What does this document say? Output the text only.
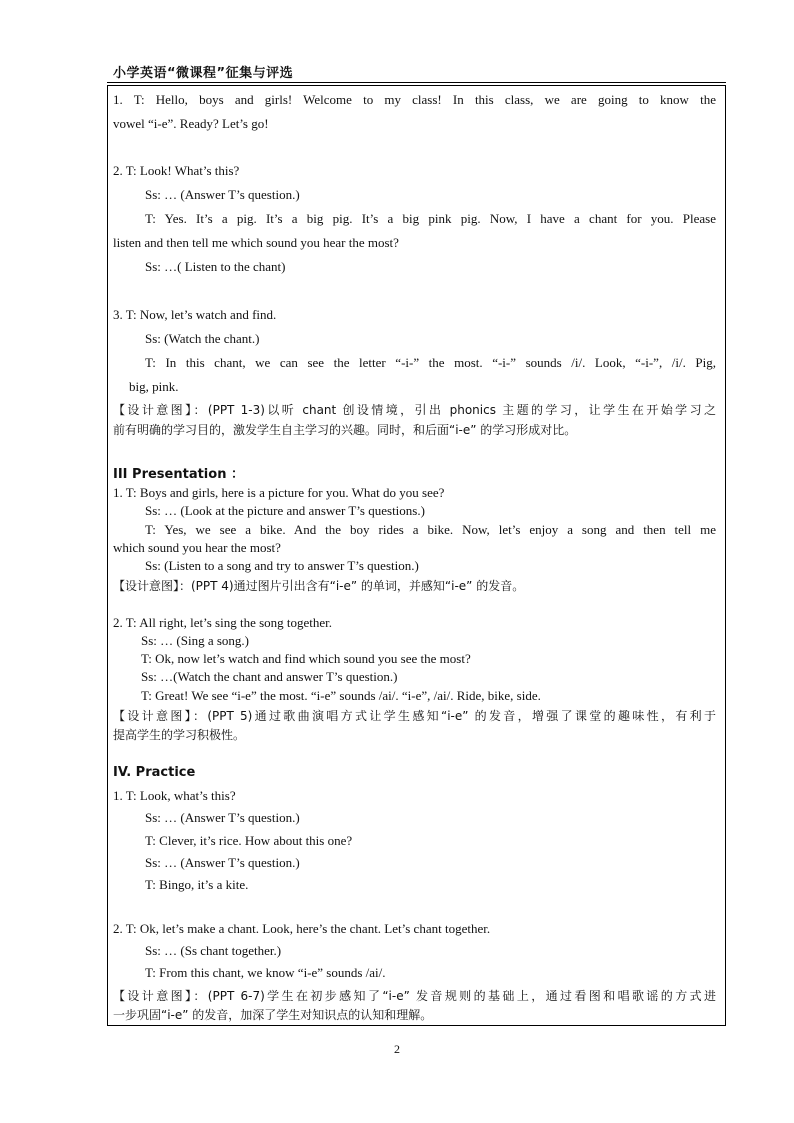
小学英语“微课程”征集与评选
1. T: Hello, boys and girls! Welcome to my class! In this class, we are going to know the
vowel “i-e”. Ready? Let’s go!
2. T: Look! What’s this?
Ss: … (Answer T’s question.)
T: Yes. It’s a pig. It’s a big pig. It’s a big pink pig. Now, I have a chant for you. Please
listen and then tell me which sound you hear the most?
Ss: …( Listen to the chant)
3. T: Now, let’s watch and find.
Ss: (Watch the chant.)
T: In this chant, we can see the letter “-i-” the most. “-i-” sounds /i/. Look, “-i-”, /i/. Pig,
big, pink.
【设计意图】：(PPT 1-3)以听 chant 创设情境，引出 phonics 主题的学习，让学生在开始学习之
前有明确的学习目的，激发学生自主学习的兴趣。同时，和后面“i-e” 的学习形成对比。
ⅠⅠⅠ Presentation ：
1. T: Boys and girls, here is a picture for you. What do you see?
Ss: … (Look at the picture and answer T’s questions.)
T: Yes, we see a bike. And the boy rides a bike. Now, let’s enjoy a song and then tell me
which sound you hear the most?
Ss: (Listen to a song and try to answer T’s question.)
【设计意图】：(PPT 4)通过图片引出含有“i-e” 的单词，并感知“i-e” 的发音。
2. T: All right, let’s sing the song together.
Ss: … (Sing a song.)
T: Ok, now let’s watch and find which sound you see the most?
Ss: …(Watch the chant and answer T’s question.)
T: Great! We see “i-e” the most. “i-e” sounds /ai/. “i-e”, /ai/. Ride, bike, side.
【设计意图】：(PPT 5)通过歌曲演唱方式让学生感知“i-e” 的发音，增强了课堂的趣味性，有利于
提高学生的学习积极性。
IV. Practice
1. T: Look, what’s this?
Ss: … (Answer T’s question.)
T: Clever, it’s rice. How about this one?
Ss: … (Answer T’s question.)
T: Bingo, it’s a kite.
2. T: Ok, let’s make a chant. Look, here’s the chant. Let’s chant together.
Ss: … (Ss chant together.)
T: From this chant, we know “i-e” sounds /ai/.
【设计意图】：(PPT 6-7)学生在初步感知了“i-e” 发音规则的基础上，通过看图和唱歌谣的方式进
一步巩固“i-e” 的发音，加深了学生对知识点的认知和理解。
2
